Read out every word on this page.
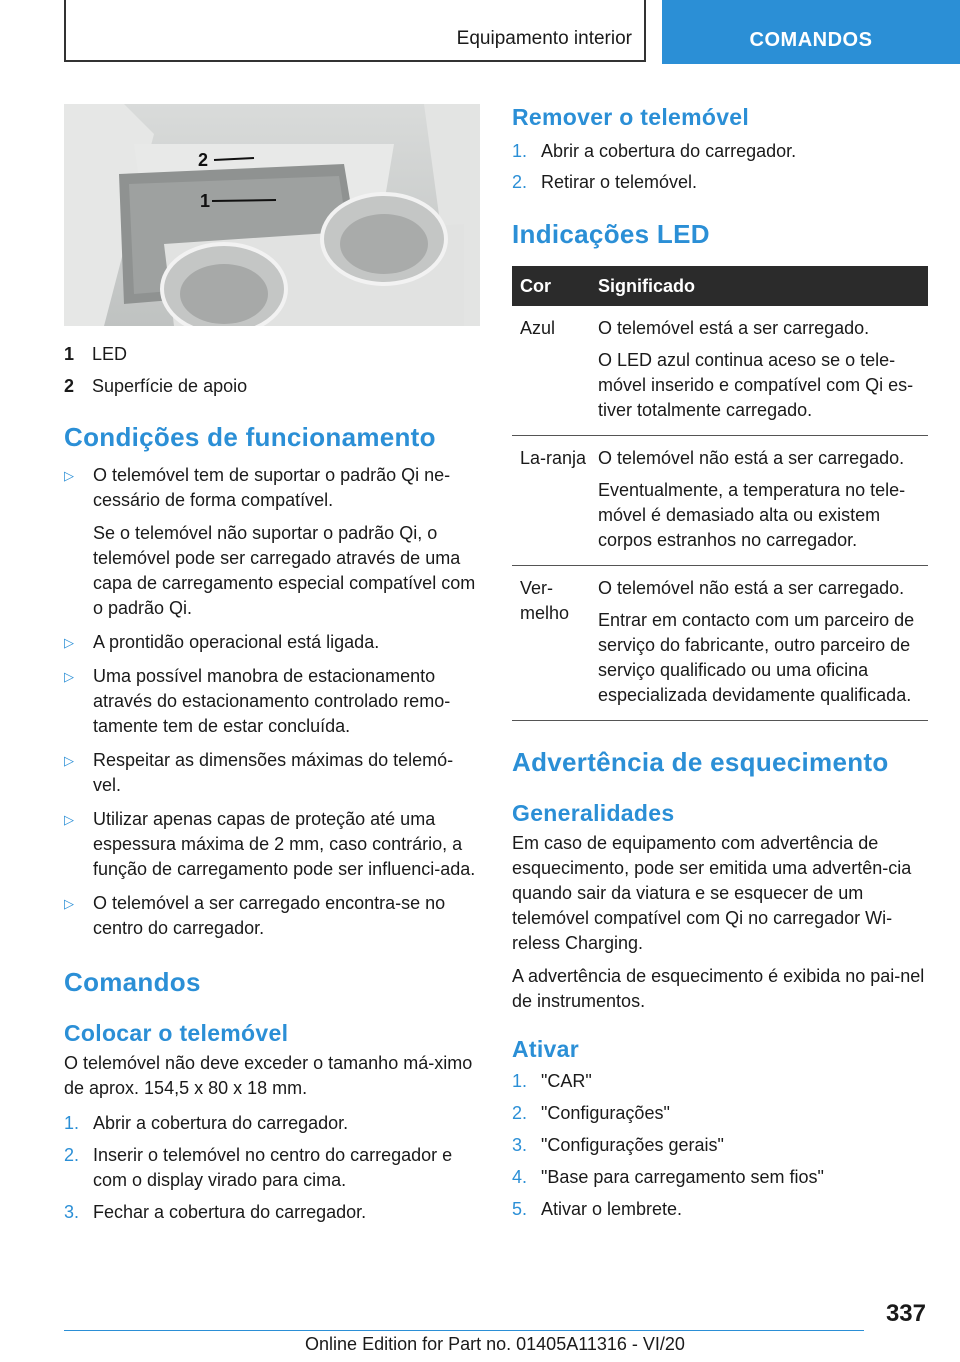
Equipamento interior	COMANDOS
2
1
1 LED
2 Superfície de apoio
Condições de funcionamento
▷	O telemóvel tem de suportar o padrão Qi ne-cessário de forma compatível.

Se o telemóvel não suportar o padrão Qi, o telemóvel pode ser carregado através de uma capa de carregamento especial compatível com o padrão Qi.

▷	A prontidão operacional está ligada.

▷	Uma possível manobra de estacionamento através do estacionamento controlado remo-tamente tem de estar concluída.

▷	Respeitar as dimensões máximas do telemó-vel.

▷	Utilizar apenas capas de proteção até uma espessura máxima de 2 mm, caso contrário, a função de carregamento pode ser influenci-ada.

▷	O telemóvel a ser carregado encontra-se no centro do carregador.

Comandos
Colocar o telemóvel

O telemóvel não deve exceder o tamanho má-ximo de aprox. 154,5 x 80 x 18 mm.

1. Abrir a cobertura do carregador.
2. Inserir o telemóvel no centro do carregador e com o display virado para cima.
3. Fechar a cobertura do carregador.
Remover o telemóvel
1. Abrir a cobertura do carregador.
2. Retirar o telemóvel.
Indicações LED
Cor	Significado
Azul	O telemóvel está a ser carregado.

O LED azul continua aceso se o tele-móvel inserido e compatível com Qi es-tiver totalmente carregado.

La-ranja	O telemóvel não está a ser carregado.

Eventualmente, a temperatura no tele-móvel é demasiado alta ou existem corpos estranhos no carregador.

Ver-melho	O telemóvel não está a ser carregado.

Entrar em contacto com um parceiro de serviço do fabricante, outro parceiro de serviço qualificado ou uma oficina especializada devidamente qualificada.

Advertência de esquecimento
Generalidades

Em caso de equipamento com advertência de esquecimento, pode ser emitida uma advertên-cia quando sair da viatura e se esquecer de um telemóvel compatível com Qi no carregador Wi-reless Charging.

A advertência de esquecimento é exibida no pai-nel de instrumentos.

Ativar
1. "CAR"
2. "Configurações"
3. "Configurações gerais"
4. "Base para carregamento sem fios"
5. Ativar o lembrete.
337
Online Edition for Part no. 01405A11316 - VI/20
